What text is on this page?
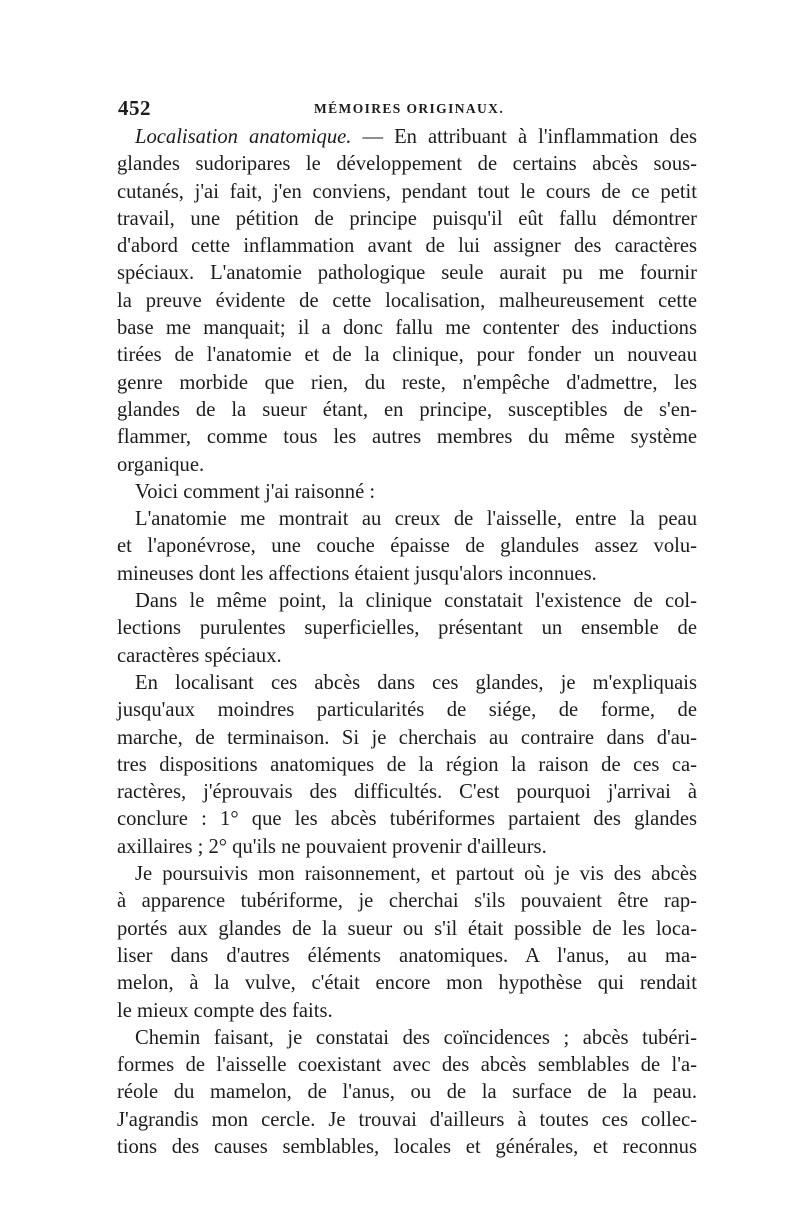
452	MÉMOIRES ORIGINAUX.
Localisation anatomique. — En attribuant à l'inflammation des
glandes sudoripares le développement de certains abcès sous-
cutanés, j'ai fait, j'en conviens, pendant tout le cours de ce petit
travail, une pétition de principe puisqu'il eût fallu démontrer
d'abord cette inflammation avant de lui assigner des caractères
spéciaux. L'anatomie pathologique seule aurait pu me fournir
la preuve évidente de cette localisation, malheureusement cette
base me manquait; il a donc fallu me contenter des inductions
tirées de l'anatomie et de la clinique, pour fonder un nouveau
genre morbide que rien, du reste, n'empêche d'admettre, les
glandes de la sueur étant, en principe, susceptibles de s'en-
flammer, comme tous les autres membres du même système
organique.
Voici comment j'ai raisonné :
L'anatomie me montrait au creux de l'aisselle, entre la peau
et l'aponévrose, une couche épaisse de glandules assez volu-
mineuses dont les affections étaient jusqu'alors inconnues.
Dans le même point, la clinique constatait l'existence de col-
lections purulentes superficielles, présentant un ensemble de
caractères spéciaux.
En localisant ces abcès dans ces glandes, je m'expliquais
jusqu'aux moindres particularités de siége, de forme, de
marche, de terminaison. Si je cherchais au contraire dans d'au-
tres dispositions anatomiques de la région la raison de ces ca-
ractères, j'éprouvais des difficultés. C'est pourquoi j'arrivai à
conclure : 1° que les abcès tubériformes partaient des glandes
axillaires ; 2° qu'ils ne pouvaient provenir d'ailleurs.
Je poursuivis mon raisonnement, et partout où je vis des abcès
à apparence tubériforme, je cherchai s'ils pouvaient être rap-
portés aux glandes de la sueur ou s'il était possible de les loca-
liser dans d'autres éléments anatomiques. A l'anus, au ma-
melon, à la vulve, c'était encore mon hypothèse qui rendait
le mieux compte des faits.
Chemin faisant, je constatai des coïncidences ; abcès tubéri-
formes de l'aisselle coexistant avec des abcès semblables de l'a-
réole du mamelon, de l'anus, ou de la surface de la peau.
J'agrandis mon cercle. Je trouvai d'ailleurs à toutes ces collec-
tions des causes semblables, locales et générales, et reconnus
